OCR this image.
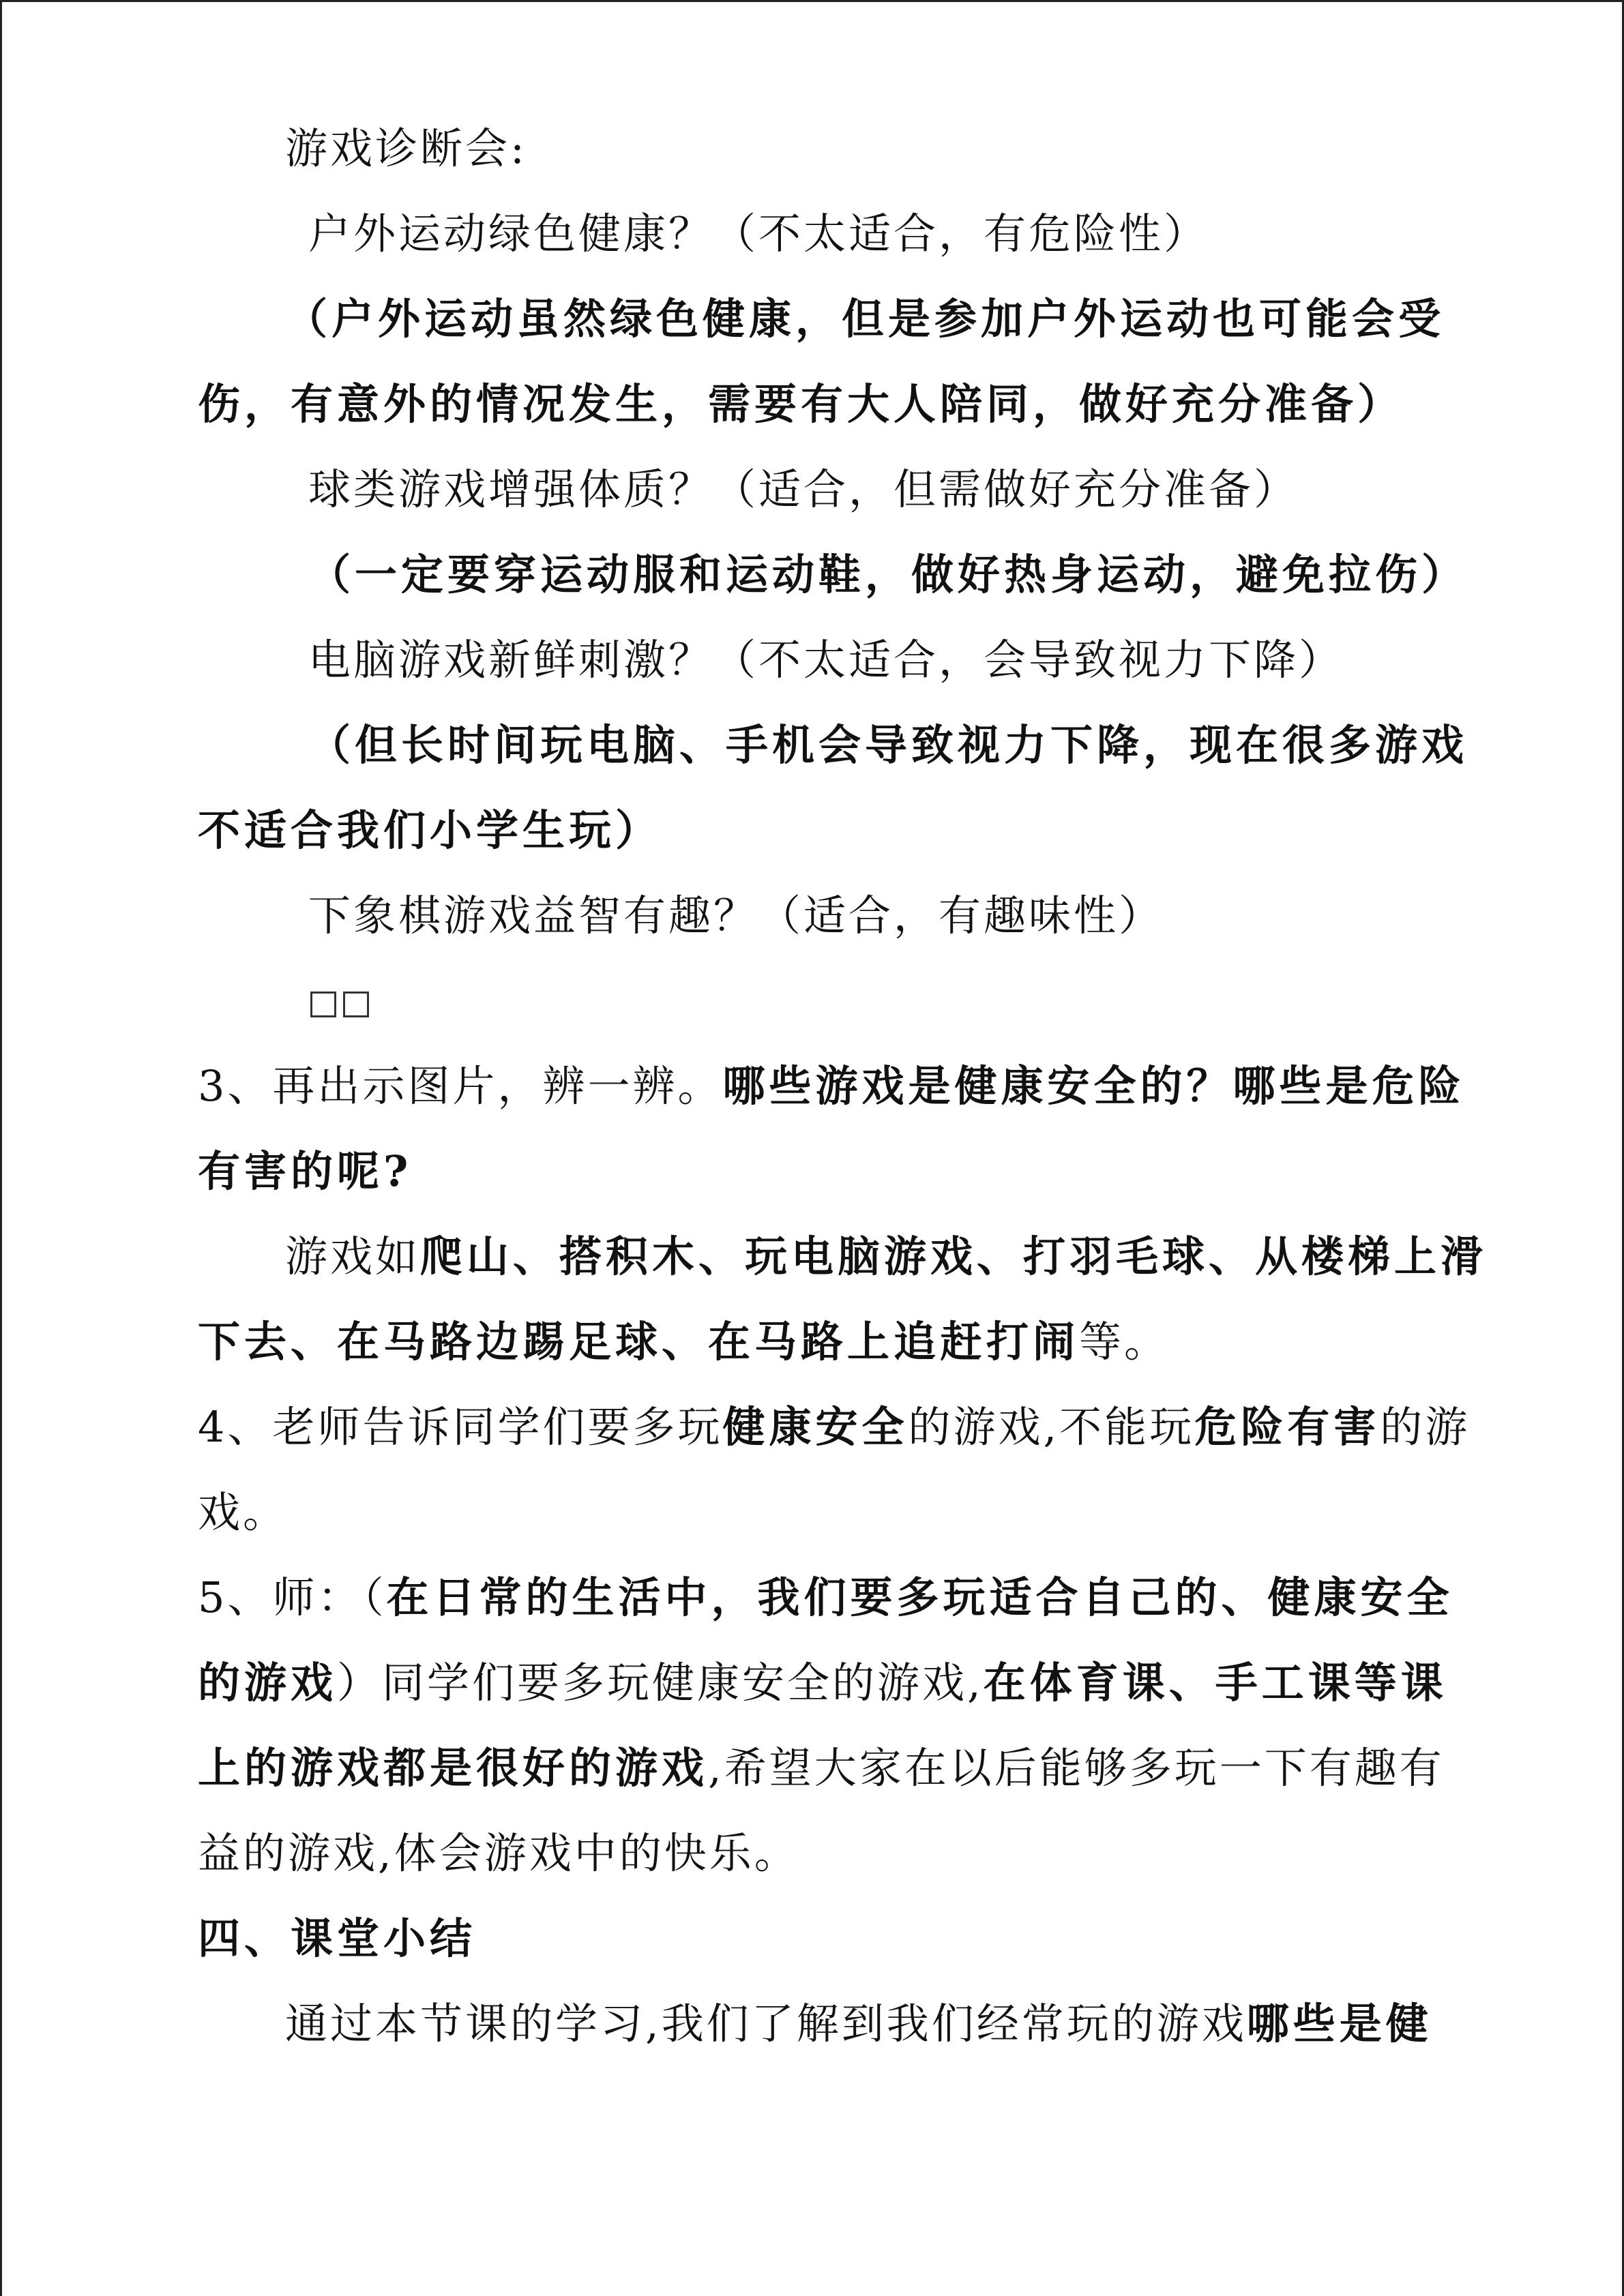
游戏诊断会:
户外运动绿色健康？（不太适合，有危险性）
（户外运动虽然绿色健康，但是参加户外运动也可能会受
伤，有意外的情况发生，需要有大人陪同，做好充分准备）
球类游戏增强体质？（适合，但需做好充分准备）
（一定要穿运动服和运动鞋，做好热身运动，避免拉伤）
电脑游戏新鲜刺激？（不太适合，会导致视力下降）
（但长时间玩电脑、手机会导致视力下降，现在很多游戏
不适合我们小学生玩）
下象棋游戏益智有趣？（适合，有趣味性）
3、再出示图片，辨一辨。哪些游戏是健康安全的？哪些是危险
有害的呢?
游戏如爬山、搭积木、玩电脑游戏、打羽毛球、从楼梯上滑
下去、在马路边踢足球、在马路上追赶打闹等。
4、老师告诉同学们要多玩健康安全的游戏,不能玩危险有害的游
戏。
5、师：（在日常的生活中，我们要多玩适合自己的、健康安全
的游戏）同学们要多玩健康安全的游戏,在体育课、手工课等课
上的游戏都是很好的游戏,希望大家在以后能够多玩一下有趣有
益的游戏,体会游戏中的快乐。
四、课堂小结
通过本节课的学习,我们了解到我们经常玩的游戏哪些是健
